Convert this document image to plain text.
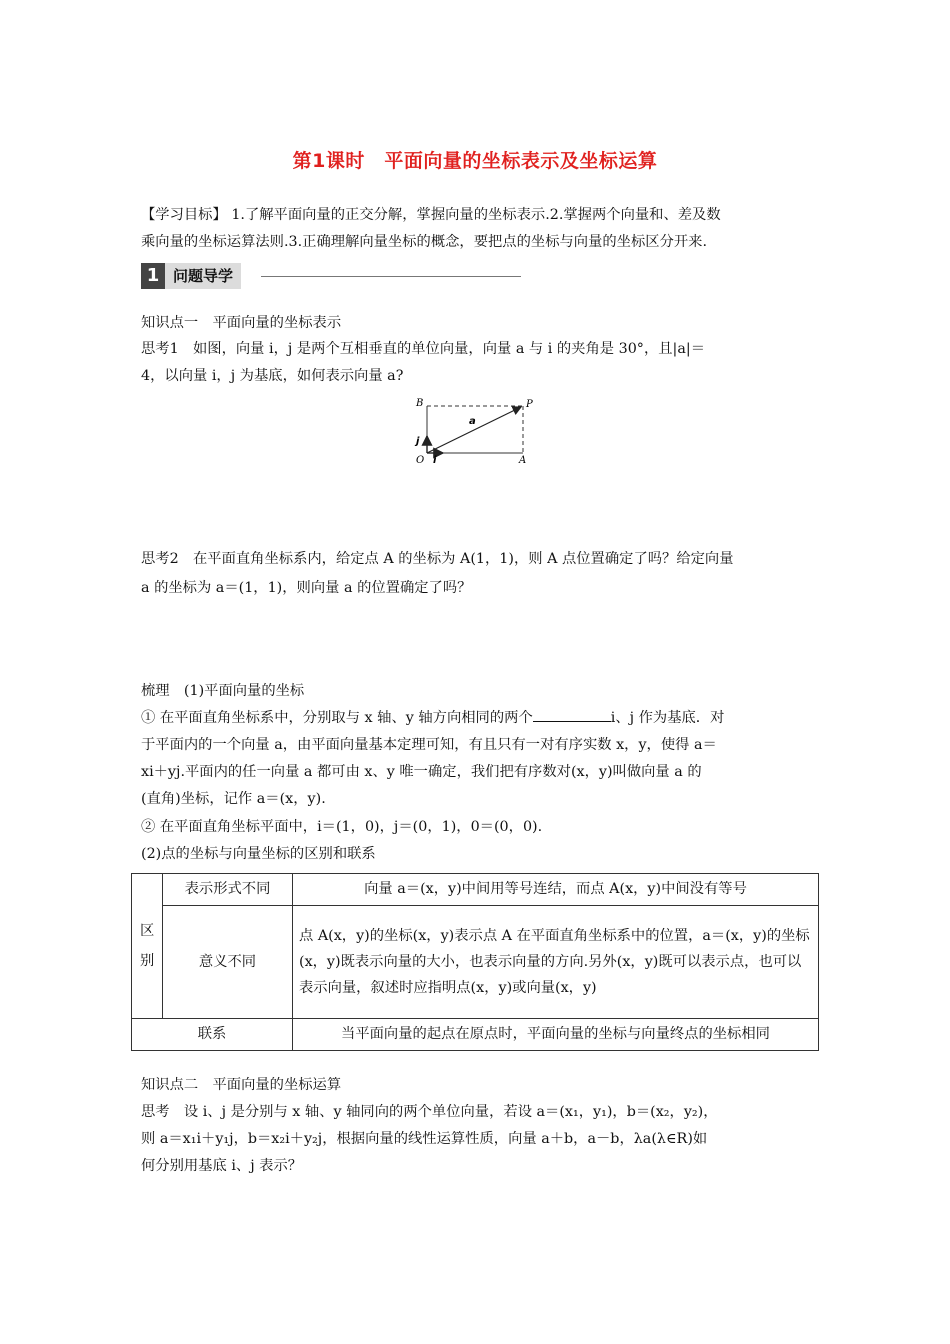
第1课时　平面向量的坐标表示及坐标运算
【学习目标】 1.了解平面向量的正交分解，掌握向量的坐标表示.2.掌握两个向量和、差及数
乘向量的坐标运算法则.3.正确理解向量坐标的概念，要把点的坐标与向量的坐标区分开来.
1 问题导学
知识点一　平面向量的坐标表示
思考1　如图，向量 i，j 是两个互相垂直的单位向量，向量 a 与 i 的夹角是 30°，且|a|＝
4，以向量 i，j 为基底，如何表示向量 a?
B	P
a
j
O i	A
思考2　在平面直角坐标系内，给定点 A 的坐标为 A(1，1)，则 A 点位置确定了吗？给定向量
a 的坐标为 a＝(1，1)，则向量 a 的位置确定了吗？
梳理　(1)平面向量的坐标
① 在平面直角坐标系中，分别取与 x 轴、y 轴方向相同的两个	i、j 作为基底．对
于平面内的一个向量 a，由平面向量基本定理可知，有且只有一对有序实数 x，y，使得 a＝
xi＋yj.平面内的任一向量 a 都可由 x、y 唯一确定，我们把有序数对(x，y)叫做向量 a 的
(直角)坐标，记作 a＝(x，y).
② 在平面直角坐标平面中，i＝(1，0)，j＝(0，1)，0＝(0，0).
(2)点的坐标与向量坐标的区别和联系
区别	表示形式不同	向量 a＝(x，y)中间用等号连结，而点 A(x，y)中间没有等号
	意义不同	点 A(x，y)的坐标(x，y)表示点 A 在平面直角坐标系中的位置，a＝(x，y)的坐标(x，y)既表示向量的大小，也表示向量的方向.另外(x，y)既可以表示点，也可以表示向量，叙述时应指明点(x，y)或向量(x，y)
联系		当平面向量的起点在原点时，平面向量的坐标与向量终点的坐标相同
知识点二　平面向量的坐标运算
思考　设 i、j 是分别与 x 轴、y 轴同向的两个单位向量，若设 a＝(x₁，y₁)，b＝(x₂，y₂)，
则 a＝x₁i＋y₁j，b＝x₂i＋y₂j，根据向量的线性运算性质，向量 a＋b，a－b，λa(λ∈R)如
何分别用基底 i、j 表示？
